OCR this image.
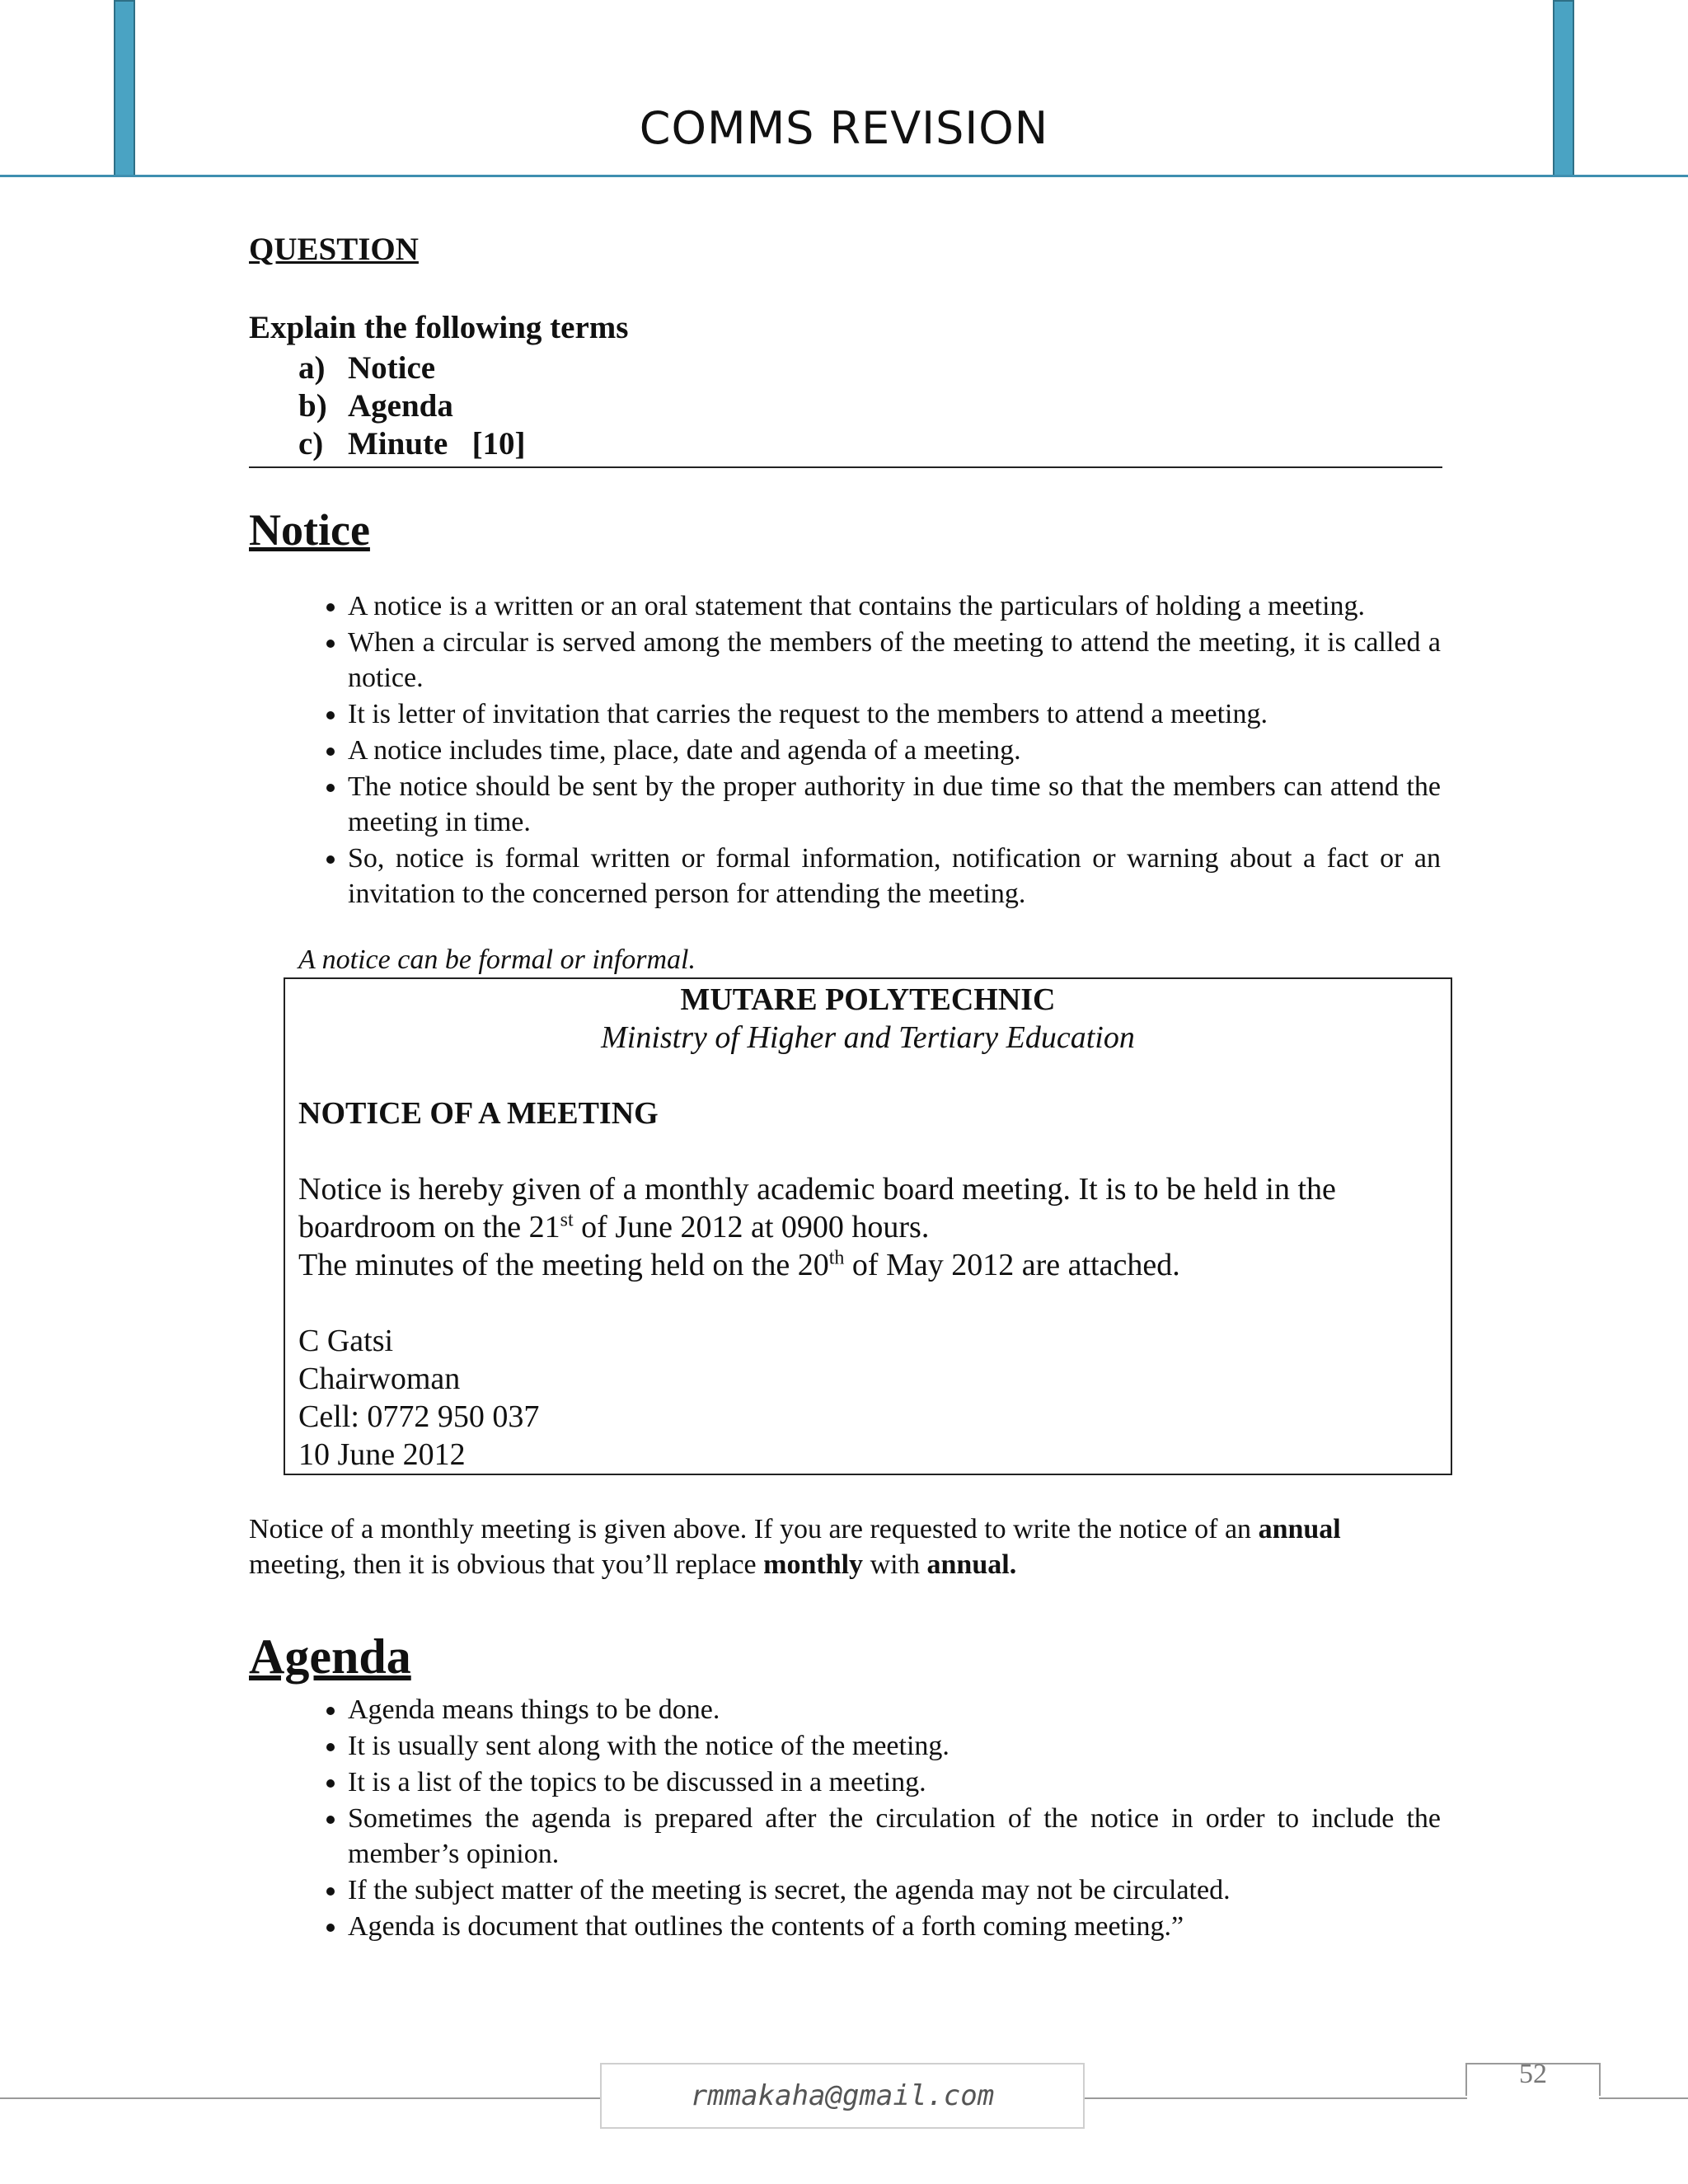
COMMS REVISION
QUESTION
Explain the following terms
a) Notice
b) Agenda
c) Minute   [10]
Notice
• A notice is a written or an oral statement that contains the particulars of holding a meeting.
• When a circular is served among the members of the meeting to attend the meeting, it is called a notice.
• It is letter of invitation that carries the request to the members to attend a meeting.
• A notice includes time, place, date and agenda of a meeting.
• The notice should be sent by the proper authority in due time so that the members can attend the meeting in time.
• So, notice is formal written or formal information, notification or warning about a fact or an invitation to the concerned person for attending the meeting.
A notice can be formal or informal.
MUTARE POLYTECHNIC
Ministry of Higher and Tertiary Education
NOTICE OF A MEETING
Notice is hereby given of a monthly academic board meeting. It is to be held in the boardroom on the 21st of June 2012 at 0900 hours.
The minutes of the meeting held on the 20th of May 2012 are attached.
C Gatsi
Chairwoman
Cell: 0772 950 037
10 June 2012
Notice of a monthly meeting is given above. If you are requested to write the notice of an annual meeting, then it is obvious that you’ll replace monthly with annual.
Agenda
• Agenda means things to be done.
• It is usually sent along with the notice of the meeting.
• It is a list of the topics to be discussed in a meeting.
• Sometimes the agenda is prepared after the circulation of the notice in order to include the member’s opinion.
• If the subject matter of the meeting is secret, the agenda may not be circulated.
• Agenda is document that outlines the contents of a forth coming meeting.”
rmmakaha@gmail.com
52
